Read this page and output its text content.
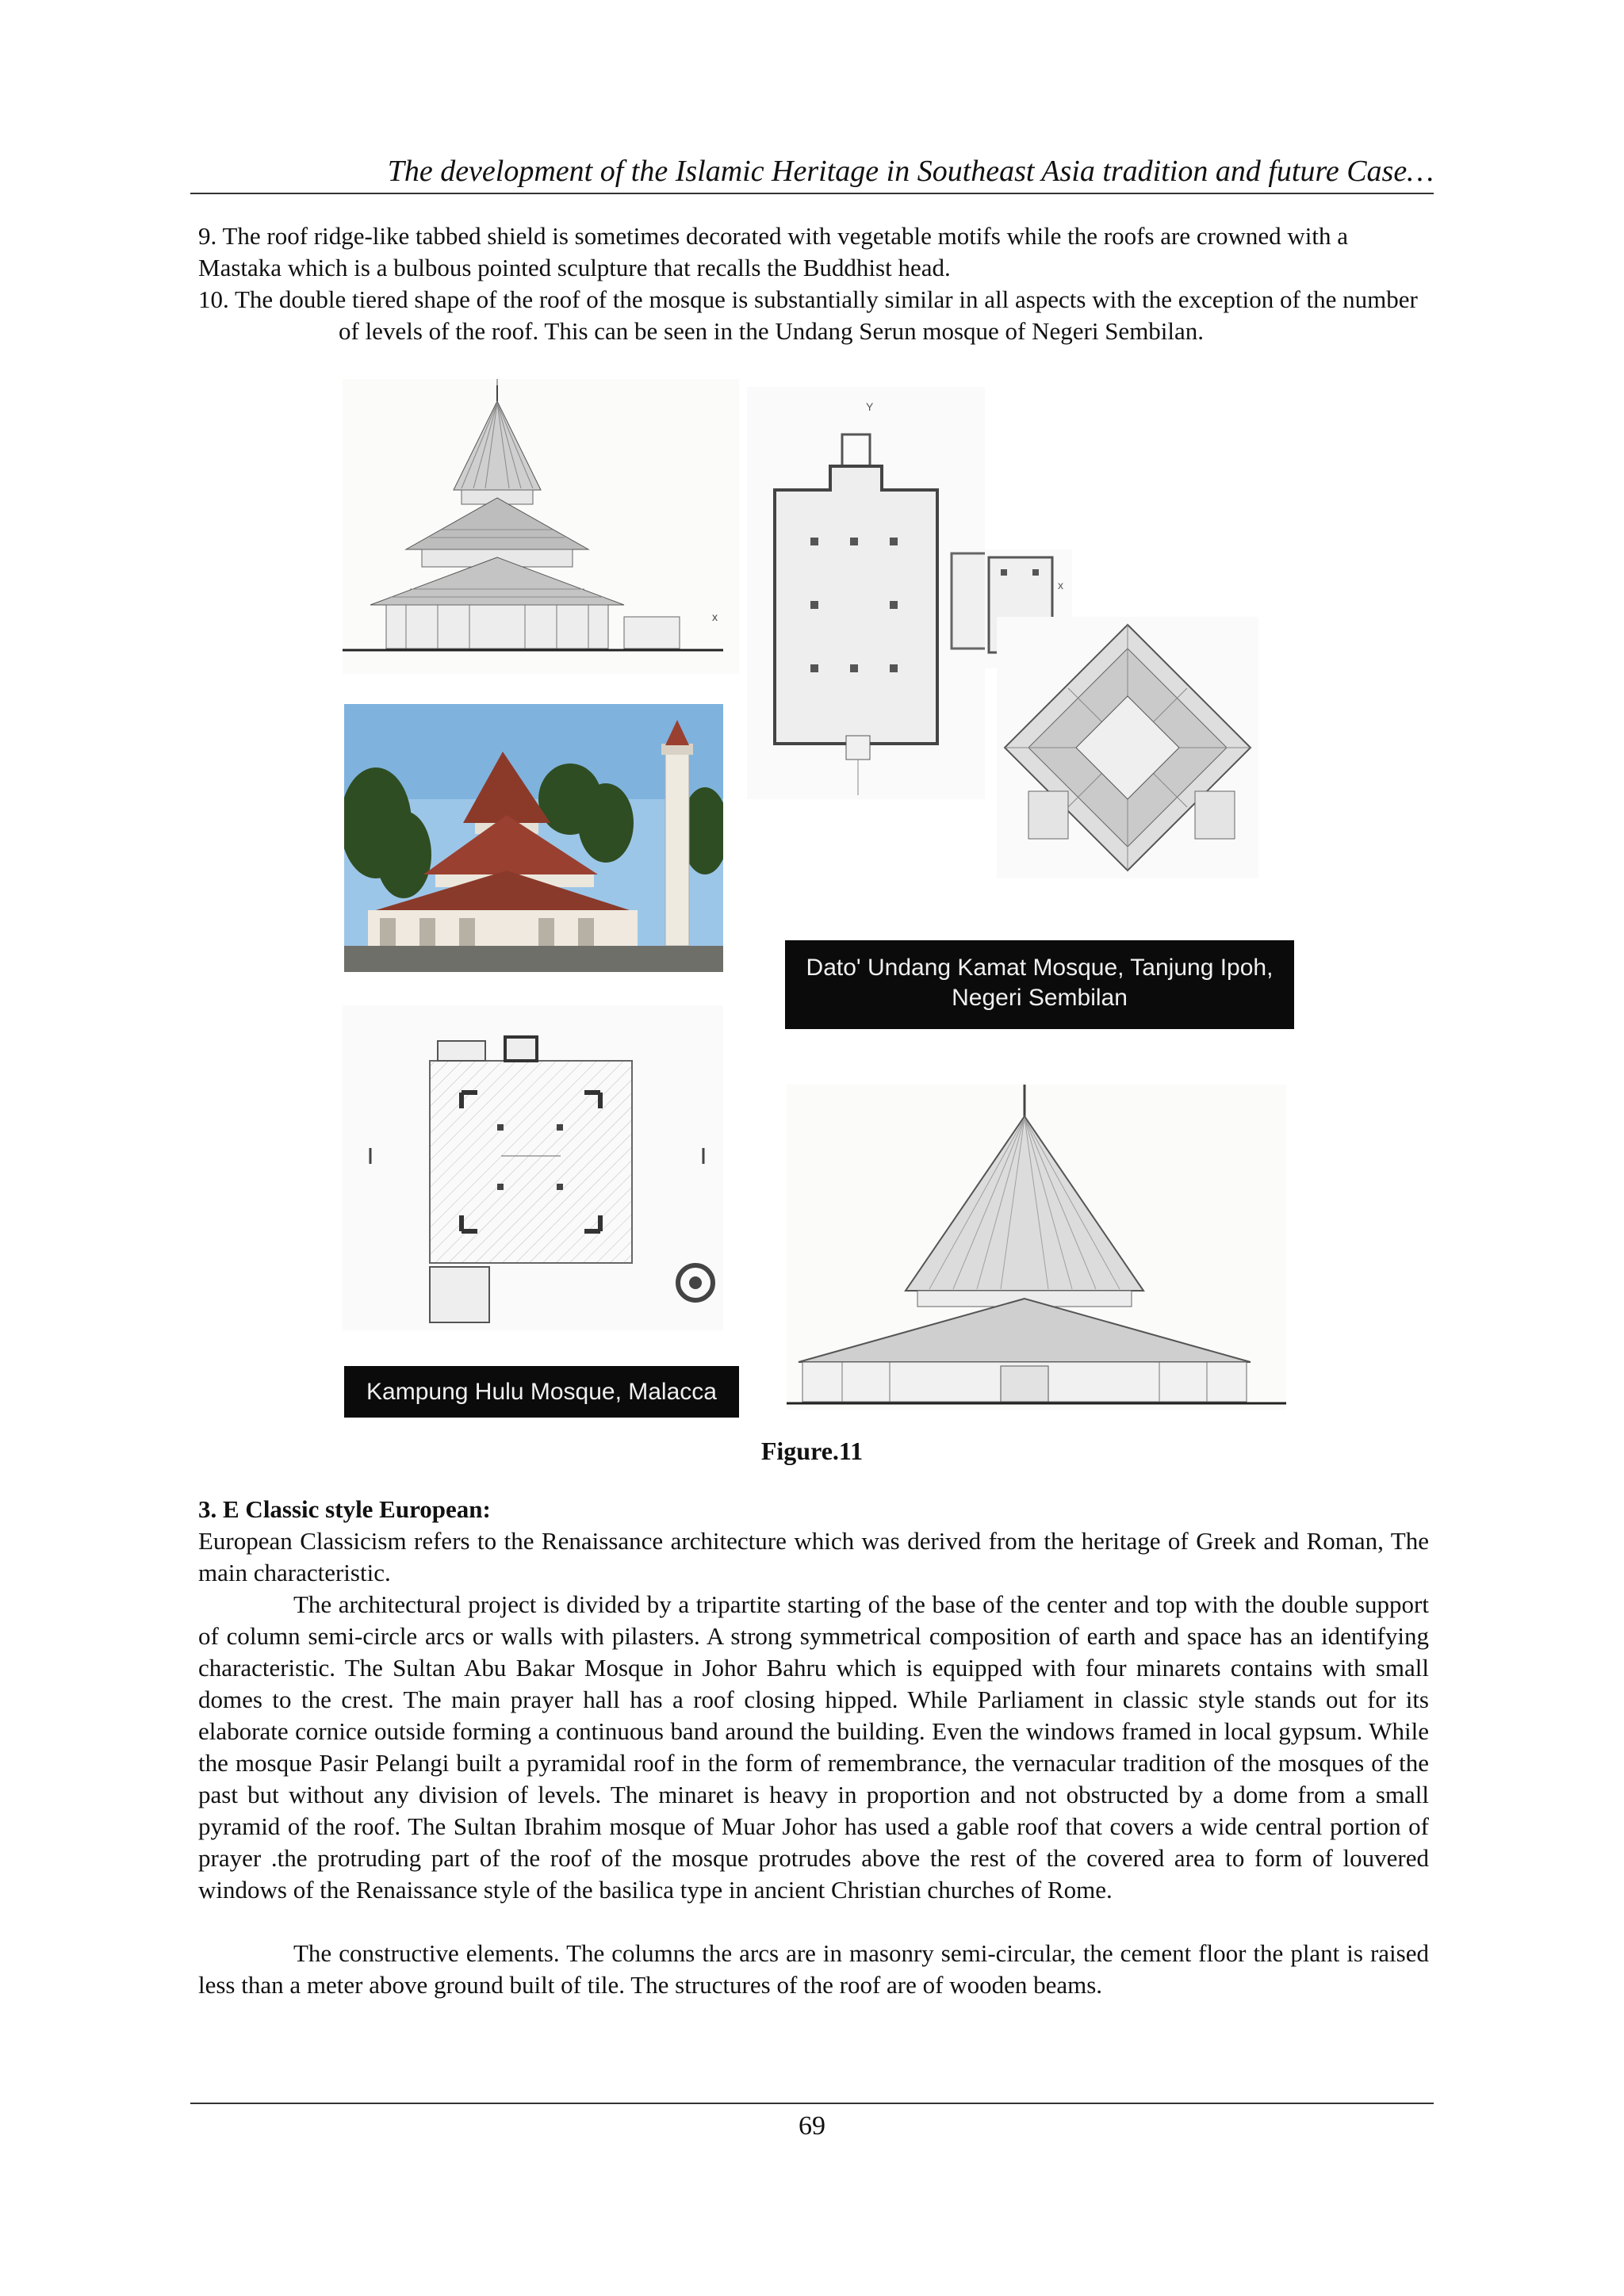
The development of the Islamic Heritage in Southeast Asia tradition and future Case…

9. The roof ridge-like tabbed shield is sometimes decorated with vegetable motifs while the roofs are crowned with a Mastaka which is a bulbous pointed sculpture that recalls the Buddhist head.

10. The double tiered shape of the roof of the mosque is substantially similar in all aspects with the exception of the number of levels of the roof. This can be seen in the Undang Serun mosque of Negeri Sembilan.

x
Y
x
Dato' Undang Kamat Mosque, Tanjung Ipoh, Negeri Sembilan
Kampung Hulu Mosque, Malacca
Figure.11
3. E Classic style European:

European Classicism refers to the Renaissance architecture which was derived from the heritage of Greek and Roman, The main characteristic.

The architectural project is divided by a tripartite starting of the base of the center and top with the double support of column semi-circle arcs or walls with pilasters. A strong symmetrical composition of earth and space has an identifying characteristic. The Sultan Abu Bakar Mosque in Johor Bahru which is equipped with four minarets contains with small domes to the crest. The main prayer hall has a roof closing hipped. While Parliament in classic style stands out for its elaborate cornice outside forming a continuous band around the building. Even the windows framed in local gypsum. While the mosque Pasir Pelangi built a pyramidal roof in the form of remembrance, the vernacular tradition of the mosques of the past but without any division of levels. The minaret is heavy in proportion and not obstructed by a dome from a small pyramid of the roof. The Sultan Ibrahim mosque of Muar Johor has used a gable roof that covers a wide central portion of prayer .the protruding part of the roof of the mosque protrudes above the rest of the covered area to form of louvered windows of the Renaissance style of the basilica type in ancient Christian churches of Rome.

The constructive elements. The columns the arcs are in masonry semi-circular, the cement floor the plant is raised less than a meter above ground built of tile. The structures of the roof are of wooden beams.

69
